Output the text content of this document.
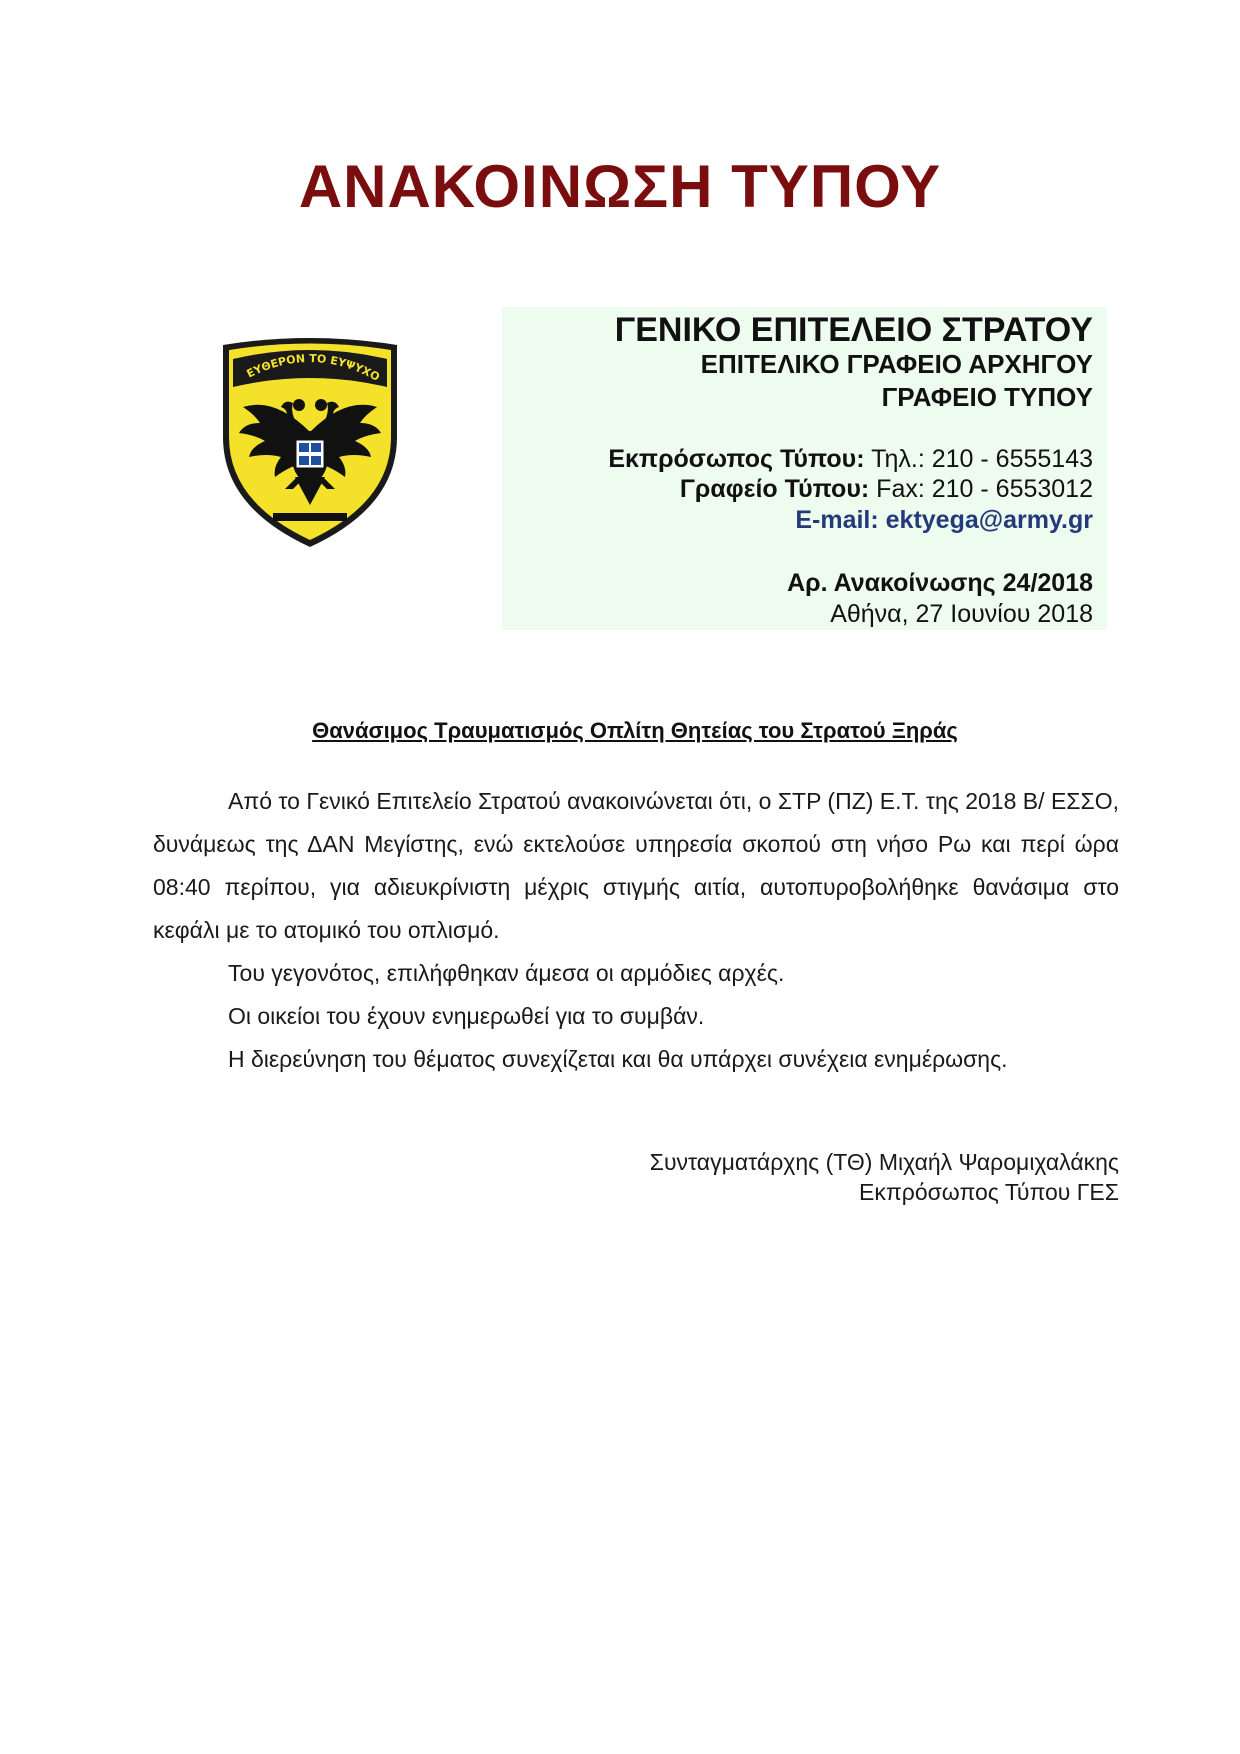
ΑΝΑΚΟΙΝΩΣΗ ΤΥΠΟΥ
ΕΥΘΕΡΟΝ ΤΟ ΕΥΨΥΧΟ
ΓΕΝΙΚΟ ΕΠΙΤΕΛΕΙΟ ΣΤΡΑΤΟΥ
ΕΠΙΤΕΛΙΚΟ ΓΡΑΦΕΙΟ ΑΡΧΗΓΟΥ
ΓΡΑΦΕΙΟ ΤΥΠΟΥ
Εκπρόσωπος Τύπου: Τηλ.: 210 - 6555143
Γραφείο Τύπου: Fax: 210 - 6553012
E-mail: ektyega@army.gr
Αρ. Ανακοίνωσης 24/2018
Αθήνα, 27 Ιουνίου 2018
Θανάσιμος Τραυματισμός Οπλίτη Θητείας του Στρατού Ξηράς

Από το Γενικό Επιτελείο Στρατού ανακοινώνεται ότι, ο ΣΤΡ (ΠΖ) Ε.Τ. της 2018 Β/ ΕΣΣΟ, δυνάμεως της ΔΑΝ Μεγίστης, ενώ εκτελούσε υπηρεσία σκοπού στη νήσο Ρω και περί ώρα 08:40 περίπου, για αδιευκρίνιστη μέχρις στιγμής αιτία, αυτοπυροβολήθηκε θανάσιμα στο κεφάλι με το ατομικό του οπλισμό.

Του γεγονότος, επιλήφθηκαν άμεσα οι αρμόδιες αρχές.

Οι οικείοι του έχουν ενημερωθεί για το συμβάν.

Η διερεύνηση του θέματος συνεχίζεται και θα υπάρχει συνέχεια ενημέρωσης.

Συνταγματάρχης (ΤΘ) Μιχαήλ Ψαρομιχαλάκης
Εκπρόσωπος Τύπου ΓΕΣ
